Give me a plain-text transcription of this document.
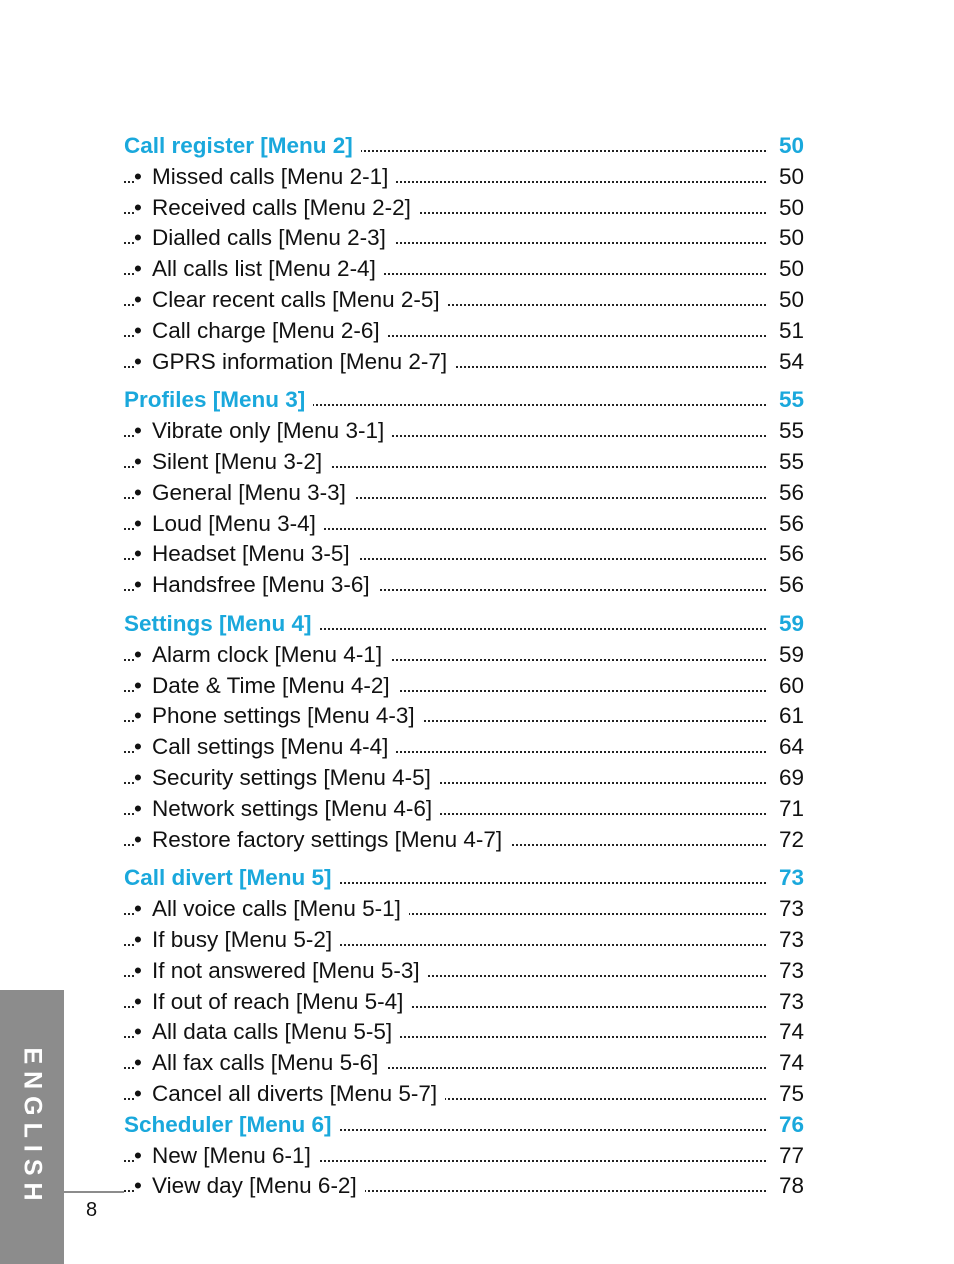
Call register [Menu 2]	50
• Missed calls [Menu 2-1]	50
• Received calls [Menu 2-2]	50
• Dialled calls [Menu 2-3]	50
• All calls list [Menu 2-4]	50
• Clear recent calls [Menu 2-5]	50
• Call charge [Menu 2-6]	51
• GPRS information [Menu 2-7]	54
Profiles [Menu 3]	55
• Vibrate only [Menu 3-1]	55
• Silent [Menu 3-2]	55
• General [Menu 3-3]	56
• Loud [Menu 3-4]	56
• Headset [Menu 3-5]	56
• Handsfree [Menu 3-6]	56
Settings [Menu 4]	59
• Alarm clock [Menu 4-1]	59
• Date & Time [Menu 4-2]	60
• Phone settings [Menu 4-3]	61
• Call settings [Menu 4-4]	64
• Security settings [Menu 4-5]	69
• Network settings [Menu 4-6]	71
• Restore factory settings [Menu 4-7]	72
Call divert [Menu 5]	73
• All voice calls [Menu 5-1]	73
• If busy [Menu 5-2]	73
• If not answered [Menu 5-3]	73
• If out of reach [Menu 5-4]	73
• All data calls [Menu 5-5]	74
• All fax calls [Menu 5-6]	74
• Cancel all diverts [Menu 5-7]	75
Scheduler [Menu 6]	76
• New [Menu 6-1]	77
• View day [Menu 6-2]	78
ENGLISH
8
